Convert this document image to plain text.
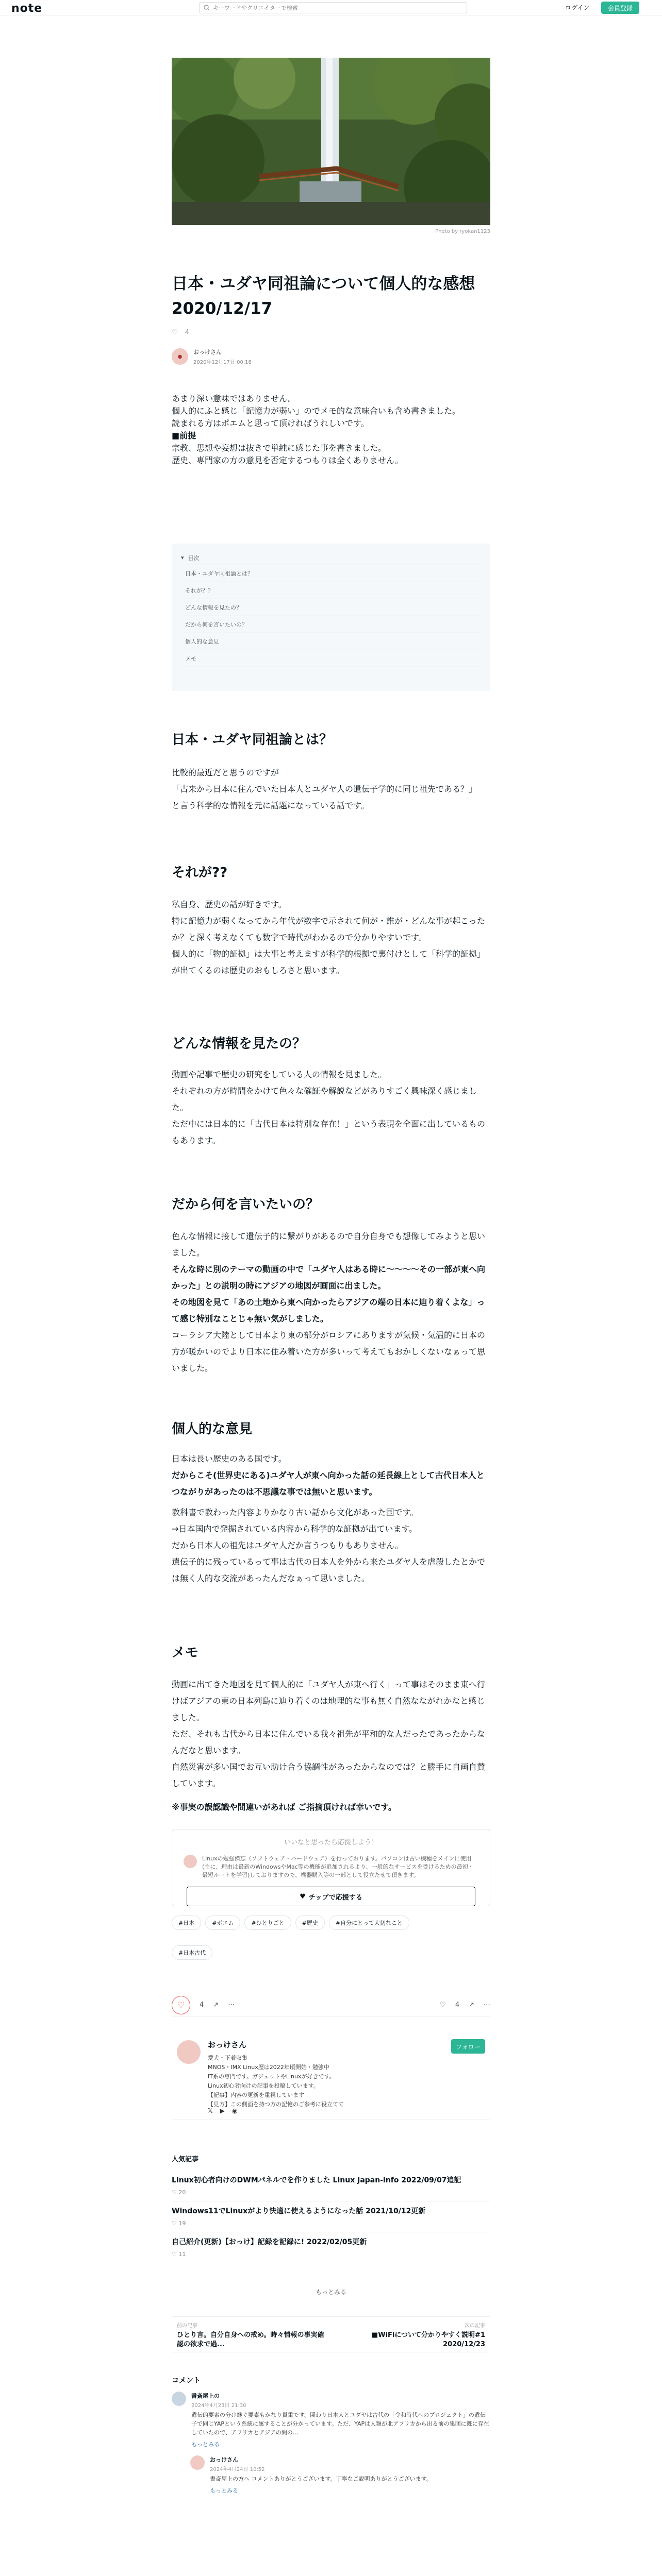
note
キーワードやクリエイターで検索	ログイン	会員登録
Photo by ryokan1123
日本・ユダヤ同祖論について個人的な感想2020/12/17
♡ 4
●
おっけさん
2020年12月17日 00:18

あまり深い意味ではありません。

個人的にふと感じ「記憶力が弱い」のでメモ的な意味合いも含め書きました。

読まれる方はポエムと思って頂ければうれしいです。

■前提

宗教、思想や妄想は抜きで単純に感じた事を書きました。

歴史、専門家の方の意見を否定するつもりは全くありません。

▾ 目次
日本・ユダヤ同祖論とは？
それが？？
どんな情報を見たの？
だから何を言いたいの？
個人的な意見
メモ
日本・ユダヤ同祖論とは？

比較的最近だと思うのですが

「古来から日本に住んでいた日本人とユダヤ人の遺伝子学的に同じ祖先である？」

と言う科学的な情報を元に話題になっている話です。

それが??

私自身、歴史の話が好きです。

特に記憶力が弱くなってから年代が数字で示されて何が・誰が・どんな事が起こったか？と深く考えなくても数字で時代がわかるので分かりやすいです。

個人的に「物的証拠」は大事と考えますが科学的根拠で裏付けとして「科学的証拠」が出てくるのは歴史のおもしろさと思います。

どんな情報を見たの？

動画や記事で歴史の研究をしている人の情報を見ました。

それぞれの方が時間をかけて色々な確証や解説などがありすごく興味深く感じました。

ただ中には日本的に「古代日本は特別な存在！」という表現を全面に出しているものもあります。

だから何を言いたいの？

色んな情報に接して遺伝子的に繋がりがあるので自分自身でも想像してみようと思いました。

そんな時に別のテーマの動画の中で「ユダヤ人はある時に〜〜〜〜その一部が東へ向かった」との説明の時にアジアの地図が画面に出ました。

その地図を見て「あの土地から東へ向かったらアジアの端の日本に辿り着くよな」って感じ特別なことじゃ無い気がしました。

コーラシア大陸として日本より東の部分がロシアにありますが気候・気温的に日本の方が暖かいのでより日本に住み着いた方が多いって考えてもおかしくないなぁって思いました。

個人的な意見

日本は長い歴史のある国です。

だからこそ(世界史にある)ユダヤ人が東へ向かった話の延長線上として古代日本人とつながりがあったのは不思議な事では無いと思います。

教科書で教わった内容よりかなり古い話から文化があった国です。

→日本国内で発掘されている内容から科学的な証拠が出ています。

だから日本人の祖先はユダヤ人だか言うつもりもありません。

遺伝子的に残っているって事は古代の日本人を外から来たユダヤ人を虐殺したとかでは無く人的な交流があったんだなぁって思いました。

メモ

動画に出てきた地図を見て個人的に「ユダヤ人が東へ行く」って事はそのまま東へ行けばアジアの東の日本列島に辿り着くのは地理的な事も無く自然なながれかなと感じました。

ただ、それも古代から日本に住んでいる我々祖先が平和的な人だったであったからなんだなと思います。

自然災害が多い国でお互い助け合う協調性があったからなのでは？と勝手に自画自賛しています。

※事実の誤認識や間違いがあれば ご指摘頂ければ幸いです。

いいなと思ったら応援しよう！
Linuxの勉強備忘（ソフトウェア・ハードウェア）を行っております。パソコンは古い機種をメインに使用(主に、理由は最新のWindowsやMac等の機能が追加されるより、一般的なサービスを受けるための最初・最短ルートを学習)しておりますので、機器購入等の一部として役立たせて頂きます。
♥ チップで応援する
#日本	#ポエム	#ひとりごと	#歴史	#自分にとって大切なこと
#日本古代
♡	4 ↗ ⋯	♡ 4 ↗ ⋯
おっけさん	フォロー

愛犬・下着収集

MNOS・IMX Linux歴は2022年頃開始・勉強中

IT系の専門です。ガジェットやLinuxが好きです。

Linux初心者向けの記事を投稿しています。

【記事】内容の更新を重視しています

【見方】この側面を持つ方の記憶のご参考に役立てて

𝕏 ▶ ◉
人気記事
Linux初心者向けのDWMパネルでを作りました Linux Japan-info 2022/09/07追記
♡ 20
Windows11でLinuxがより快適に使えるようになった話 2021/10/12更新
♡ 19
自己紹介(更新)【おっけ】記録を記録に! 2022/02/05更新
♡ 11
もっとみる
前の記事
ひとり言。自分自身への戒め。時々情報の事実確認の欲求で過...
次の記事
■WiFiについて分かりやすく説明#1 2020/12/23
コメント
書斎屋上の
2024年4月23日 21:30
遺伝的要素の分け継ぐ要素もかなり貴重です。関わり日本人とユダヤは古代の「令和時代へのプロジェクト」の遺伝子で同じYAPという系統に属することが分かっています。ただ、YAPは人類が北アフリカから出る前の集団に既に存在していたので、アフリカとアジアの間の…
もっとみる
おっけさん
2024年4月24日 10:52
書斎屋上の方へ コメントありがとうございます。丁寧なご説明ありがとうございます。
もっとみる
